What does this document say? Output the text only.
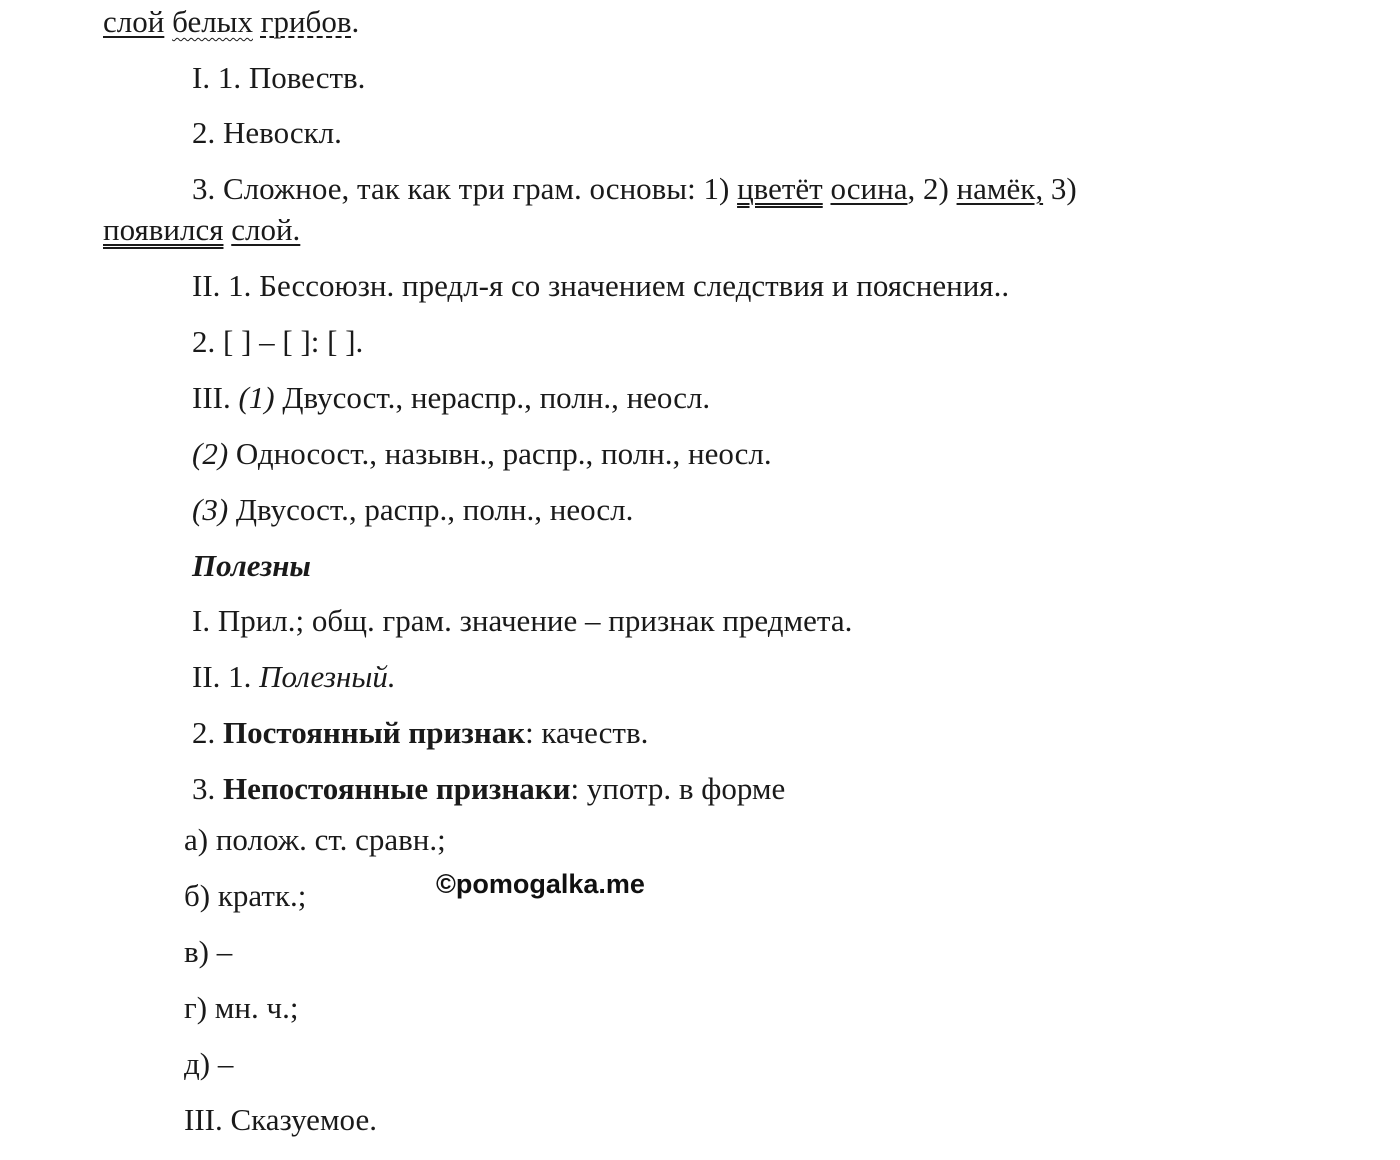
слой белых грибов.

I. 1. Повеств.

2. Невоскл.

3. Сложное, так как три грам. основы: 1) цветёт осина, 2) намёк, 3)

появился слой.

II. 1. Бессоюзн. предл-я со значением следствия и пояснения..

2. [ ] – [ ]: [ ].

III. (1) Двусост., нераспр., полн., неосл.

(2) Односост., назывн., распр., полн., неосл.

(3) Двусост., распр., полн., неосл.

Полезны

I. Прил.; общ. грам. значение – признак предмета.

II. 1. Полезный.

2. Постоянный признак: качеств.

3. Непостоянные признаки: употр. в форме

а) полож. ст. сравн.;

б) кратк.;

в) –

г) мн. ч.;

д) –

III. Сказуемое.

©pomogalka.me
